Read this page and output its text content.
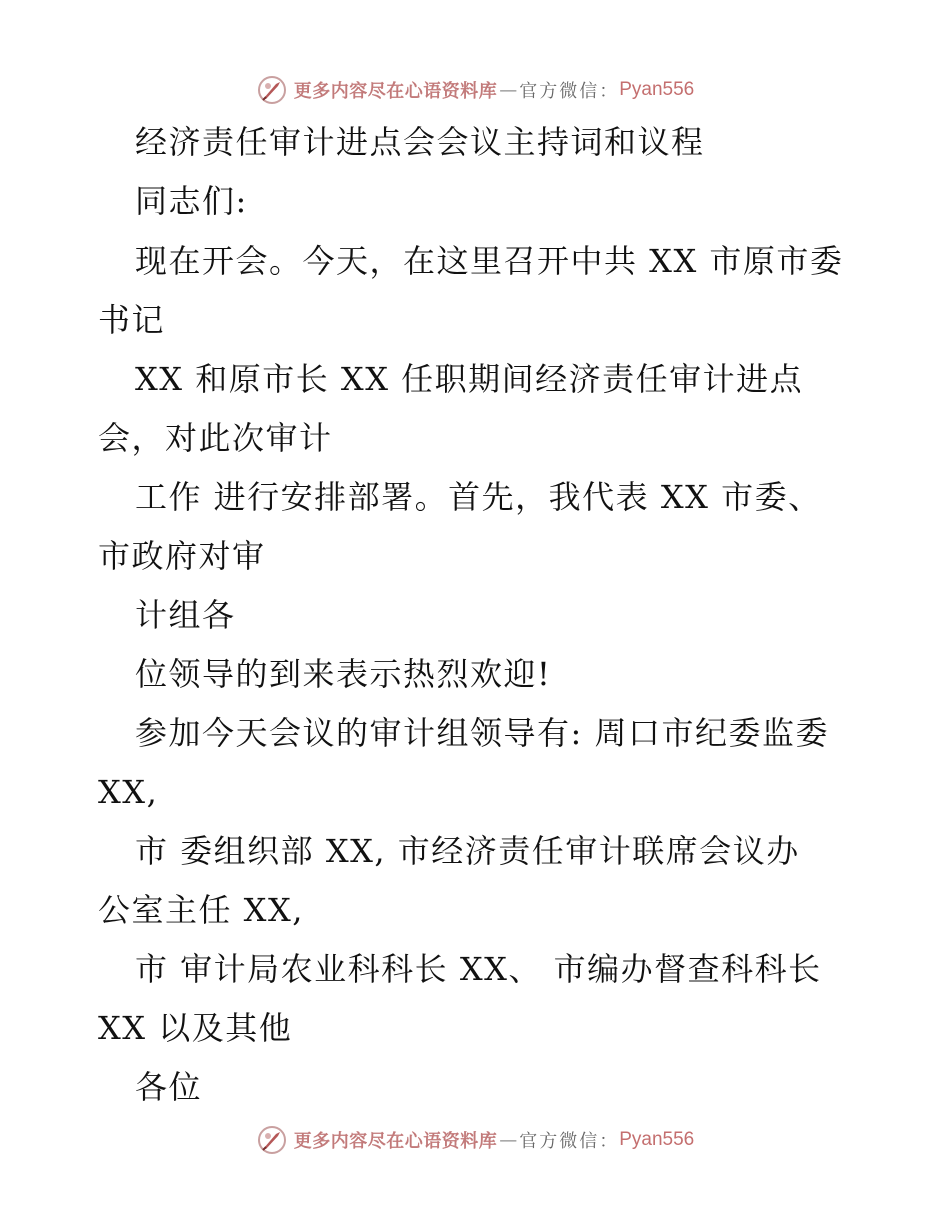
更多内容尽在心语资料库 — 官方微信： Pyan556
经济责任审计进点会会议主持词和议程
同志们:
现在开会。今天，在这里召开中共 XX 市原市委
书记
XX 和原市长 XX 任职期间经济责任审计进点
会，对此次审计
工作 进行安排部署。首先，我代表 XX 市委、
市政府对审
计组各
位领导的到来表示热烈欢迎!
参加今天会议的审计组领导有: 周口市纪委监委
XX,
市 委组织部 XX, 市经济责任审计联席会议办
公室主任 XX,
市 审计局农业科科长 XX、 市编办督查科科长
XX 以及其他
各位
更多内容尽在心语资料库 — 官方微信： Pyan556
